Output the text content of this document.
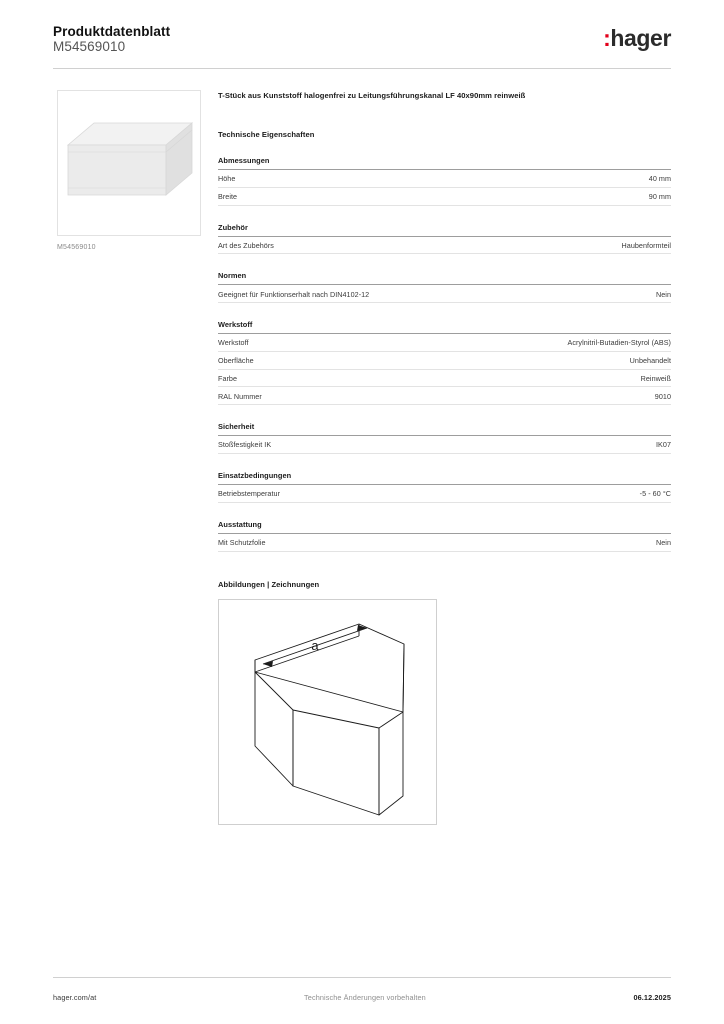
Produktdatenblatt
M54569010	:hager
M54569010
T-Stück aus Kunststoff halogenfrei zu Leitungsführungskanal LF 40x90mm reinweiß
Technische Eigenschaften
Abmessungen
Höhe	40 mm
Breite	90 mm
Zubehör
Art des Zubehörs	Haubenformteil
Normen
Geeignet für Funktionserhalt nach DIN4102-12	Nein
Werkstoff
Werkstoff	Acrylnitril-Butadien-Styrol (ABS)
Oberfläche	Unbehandelt
Farbe	Reinweiß
RAL Nummer	9010
Sicherheit
Stoßfestigkeit IK	IK07
Einsatzbedingungen
Betriebstemperatur	-5 - 60 °C
Ausstattung
Mit Schutzfolie	Nein
Abbildungen | Zeichnungen
a
hager.com/at	Technische Änderungen vorbehalten	06.12.2025
